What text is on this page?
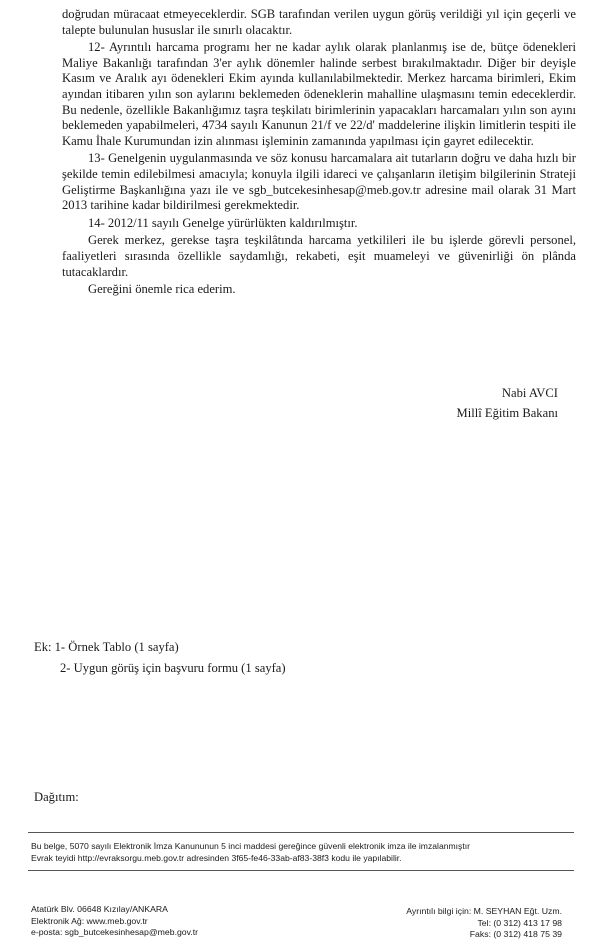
doğrudan müracaat etmeyeceklerdir. SGB tarafından verilen uygun görüş verildiği yıl için geçerli ve talepte bulunulan hususlar ile sınırlı olacaktır.

12- Ayrıntılı harcama programı her ne kadar aylık olarak planlanmış ise de, bütçe ödenekleri Maliye Bakanlığı tarafından 3'er aylık dönemler halinde serbest bırakılmaktadır. Diğer bir deyişle Kasım ve Aralık ayı ödenekleri Ekim ayında kullanılabilmektedir. Merkez harcama birimleri, Ekim ayından itibaren yılın son aylarını beklemeden ödeneklerin mahalline ulaşmasını temin edeceklerdir. Bu nedenle, özellikle Bakanlığımız taşra teşkilatı birimlerinin yapacakları harcamaları yılın son ayını beklemeden yapabilmeleri, 4734 sayılı Kanunun 21/f ve 22/d' maddelerine ilişkin limitlerin tespiti ile Kamu İhale Kurumundan izin alınması işleminin zamanında yapılması için gayret edilecektir.

13- Genelgenin uygulanmasında ve söz konusu harcamalara ait tutarların doğru ve daha hızlı bir şekilde temin edilebilmesi amacıyla; konuyla ilgili idareci ve çalışanların iletişim bilgilerinin Strateji Geliştirme Başkanlığına yazı ile ve sgb_butcekesinhesap@meb.gov.tr adresine mail olarak 31 Mart 2013 tarihine kadar bildirilmesi gerekmektedir.

14- 2012/11 sayılı Genelge yürürlükten kaldırılmıştır.

Gerek merkez, gerekse taşra teşkilâtında harcama yetkilileri ile bu işlerde görevli personel, faaliyetleri sırasında özellikle saydamlığı, rekabeti, eşit muameleyi ve güvenirliği ön plânda tutacaklardır.

Gereğini önemle rica ederim.

Nabi AVCI
Millî Eğitim Bakanı
Ek: 1- Örnek Tablo (1 sayfa)
2- Uygun görüş için başvuru formu (1 sayfa)
Dağıtım:
Bu belge, 5070 sayılı Elektronik İmza Kanununun 5 inci maddesi gereğince güvenli elektronik imza ile imzalanmıştır
Evrak teyidi http://evraksorgu.meb.gov.tr adresinden 3f65-fe46-33ab-af83-38f3 kodu ile yapılabilir.
Atatürk Blv. 06648 Kızılay/ANKARA
Elektronik Ağ: www.meb.gov.tr
e-posta: sgb_butcekesinhesap@meb.gov.tr
Ayrıntılı bilgi için: M. SEYHAN Eğt. Uzm.
Tel: (0 312) 413 17 98
Faks: (0 312) 418 75 39
